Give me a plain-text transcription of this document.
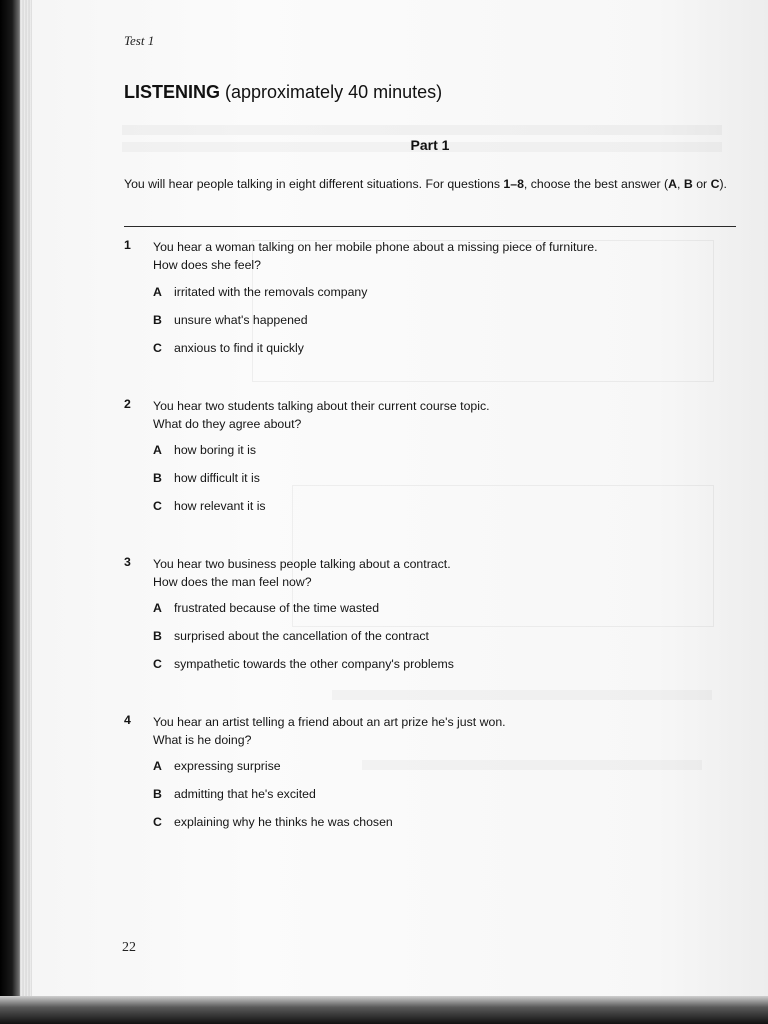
Test 1
LISTENING (approximately 40 minutes)
Part 1
You will hear people talking in eight different situations. For questions 1–8, choose the best answer (A, B or C).
1 You hear a woman talking on her mobile phone about a missing piece of furniture.
How does she feel?
A irritated with the removals company
B unsure what's happened
C anxious to find it quickly
2 You hear two students talking about their current course topic.
What do they agree about?
A how boring it is
B how difficult it is
C how relevant it is
3 You hear two business people talking about a contract.
How does the man feel now?
A frustrated because of the time wasted
B surprised about the cancellation of the contract
C sympathetic towards the other company's problems
4 You hear an artist telling a friend about an art prize he's just won.
What is he doing?
A expressing surprise
B admitting that he's excited
C explaining why he thinks he was chosen
22
